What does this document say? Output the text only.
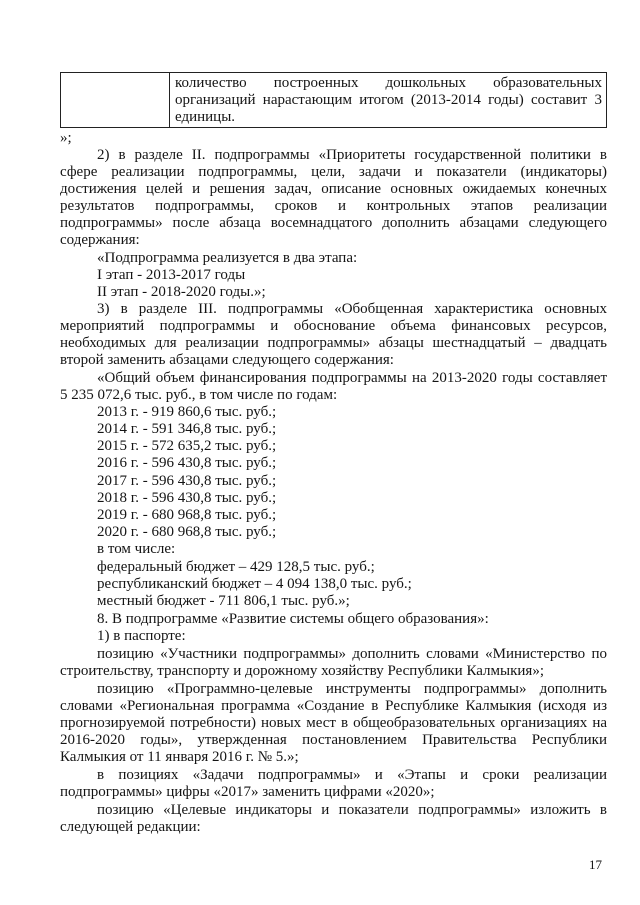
количество построенных дошкольных образовательных
организаций нарастающим итогом (2013-2014 годы) составит 3
единицы.
»;
2) в разделе II. подпрограммы «Приоритеты государственной политики в
сфере реализации подпрограммы, цели, задачи и показатели (индикаторы)
достижения целей и решения задач, описание основных ожидаемых конечных
результатов подпрограммы, сроков и контрольных этапов реализации
подпрограммы» после абзаца восемнадцатого дополнить абзацами следующего
содержания:
«Подпрограмма реализуется в два этапа:
I этап - 2013-2017 годы
II этап - 2018-2020 годы.»;
3) в разделе III. подпрограммы «Обобщенная характеристика основных
мероприятий подпрограммы и обоснование объема финансовых ресурсов,
необходимых для реализации подпрограммы» абзацы шестнадцатый – двадцать
второй заменить абзацами следующего содержания:
«Общий объем финансирования подпрограммы на 2013-2020 годы составляет
5 235 072,6 тыс. руб., в том числе по годам:
2013 г. - 919 860,6 тыс. руб.;
2014 г. - 591 346,8 тыс. руб.;
2015 г. - 572 635,2 тыс. руб.;
2016 г. - 596 430,8 тыс. руб.;
2017 г. - 596 430,8 тыс. руб.;
2018 г. - 596 430,8 тыс. руб.;
2019 г. - 680 968,8 тыс. руб.;
2020 г. - 680 968,8 тыс. руб.;
в том числе:
федеральный бюджет – 429 128,5 тыс. руб.;
республиканский бюджет – 4 094 138,0 тыс. руб.;
местный бюджет - 711 806,1 тыс. руб.»;
8. В подпрограмме «Развитие системы общего образования»:
1) в паспорте:
позицию «Участники подпрограммы» дополнить словами «Министерство по
строительству, транспорту и дорожному хозяйству Республики Калмыкия»;
позицию «Программно-целевые инструменты подпрограммы» дополнить
словами «Региональная программа «Создание в Республике Калмыкия (исходя из
прогнозируемой потребности) новых мест в общеобразовательных организациях на
2016-2020 годы», утвержденная постановлением Правительства Республики
Калмыкия от 11 января 2016 г. № 5.»;
в позициях «Задачи подпрограммы» и «Этапы и сроки реализации
подпрограммы» цифры «2017» заменить цифрами «2020»;
позицию «Целевые индикаторы и показатели подпрограммы» изложить в
следующей редакции:
17
